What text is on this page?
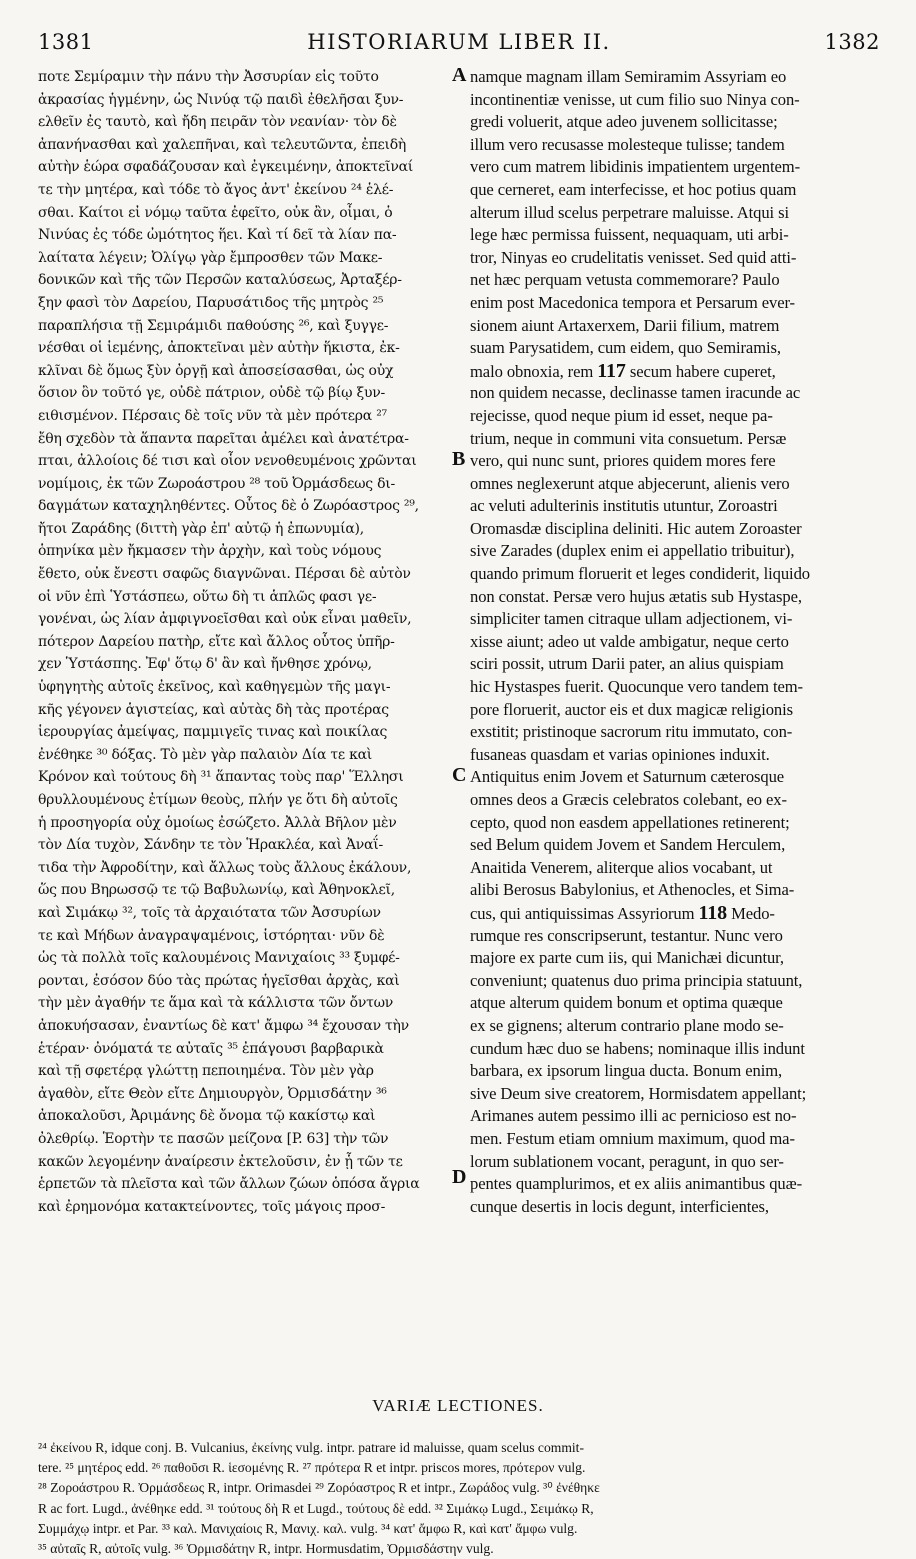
1381	HISTORIARUM LIBER II.	1382
ποτε Σεμίραμιν τὴν πάνυ τὴν Ἀσσυρίαν εἰς τοῦτο
ἀκρασίας ἡγμένην, ὡς Νινύᾳ τῷ παιδὶ ἐθελῆσαι ξυν-
ελθεῖν ἐς ταυτὸ, καὶ ἤδη πειρᾶν τὸν νεανίαν· τὸν δὲ
ἀπανήνασθαι καὶ χαλεπῆναι, καὶ τελευτῶντα, ἐπειδὴ
αὐτὴν ἑώρα σφαδάζουσαν καὶ ἐγκειμένην, ἀποκτεῖναί
τε τὴν μητέρα, καὶ τόδε τὸ ἄγος ἀντ' ἐκείνου ²⁴ ἑλέ-
σθαι. Καίτοι εἰ νόμῳ ταῦτα ἐφεῖτο, οὐκ ἂν, οἶμαι, ὁ
Νινύας ἐς τόδε ὠμότητος ἥει. Καὶ τί δεῖ τὰ λίαν πα-
λαίτατα λέγειν; Ὀλίγῳ γὰρ ἔμπροσθεν τῶν Μακε-
δονικῶν καὶ τῆς τῶν Περσῶν καταλύσεως, Ἀρταξέρ-
ξην φασὶ τὸν Δαρείου, Παρυσάτιδος τῆς μητρὸς ²⁵
παραπλήσια τῇ Σεμιράμιδι παθούσης ²⁶, καὶ ξυγγε-
νέσθαι οἱ ἱεμένης, ἀποκτεῖναι μὲν αὐτὴν ἥκιστα, ἐκ-
κλῖναι δὲ ὅμως ξὺν ὀργῇ καὶ ἀποσείσασθαι, ὡς οὐχ
ὅσιον ὂν τοῦτό γε, οὐδὲ πάτριον, οὐδὲ τῷ βίῳ ξυν-
ειθισμένον. Πέρσαις δὲ τοῖς νῦν τὰ μὲν πρότερα ²⁷
ἔθη σχεδὸν τὰ ἅπαντα παρεῖται ἀμέλει καὶ ἀνατέτρα-
πται, ἀλλοίοις δέ τισι καὶ οἷον νενοθευμένοις χρῶνται
νομίμοις, ἐκ τῶν Ζωροάστρου ²⁸ τοῦ Ὀρμάσδεως δι-
δαγμάτων καταχηληθέντες. Οὗτος δὲ ὁ Ζωρόαστρος ²⁹,
ἤτοι Ζαράδης (διττὴ γὰρ ἐπ' αὐτῷ ἡ ἐπωνυμία),
ὁπηνίκα μὲν ἤκμασεν τὴν ἀρχὴν, καὶ τοὺς νόμους
ἔθετο, οὐκ ἔνεστι σαφῶς διαγνῶναι. Πέρσαι δὲ αὐτὸν
οἱ νῦν ἐπὶ Ὑστάσπεω, οὕτω δὴ τι ἁπλῶς φασι γε-
γονέναι, ὡς λίαν ἀμφιγνοεῖσθαι καὶ οὐκ εἶναι μαθεῖν,
πότερον Δαρείου πατὴρ, εἴτε καὶ ἄλλος οὗτος ὑπῆρ-
χεν Ὑστάσπης. Ἐφ' ὅτῳ δ' ἂν καὶ ἤνθησε χρόνῳ,
ὑφηγητὴς αὐτοῖς ἐκεῖνος, καὶ καθηγεμὼν τῆς μαγι-
κῆς γέγονεν ἁγιστείας, καὶ αὐτὰς δὴ τὰς προτέρας
ἱερουργίας ἀμείψας, παμμιγεῖς τινας καὶ ποικίλας
ἐνέθηκε ³⁰ δόξας. Τὸ μὲν γὰρ παλαιὸν Δία τε καὶ
Κρόνον καὶ τούτους δὴ ³¹ ἅπαντας τοὺς παρ' Ἕλλησι
θρυλλουμένους ἐτίμων θεοὺς, πλήν γε ὅτι δὴ αὐτοῖς
ἡ προσηγορία οὐχ ὁμοίως ἐσώζετο. Ἀλλὰ Βῆλον μὲν
τὸν Δία τυχὸν, Σάνδην τε τὸν Ἡρακλέα, καὶ Ἀναΐ-
τιδα τὴν Ἀφροδίτην, καὶ ἄλλως τοὺς ἄλλους ἐκάλουν,
ὥς που Βηρωσσῷ τε τῷ Βαβυλωνίῳ, καὶ Ἀθηνοκλεῖ,
καὶ Σιμάκῳ ³², τοῖς τὰ ἀρχαιότατα τῶν Ἀσσυρίων
τε καὶ Μήδων ἀναγραψαμένοις, ἱστόρηται· νῦν δὲ
ὡς τὰ πολλὰ τοῖς καλουμένοις Μανιχαίοις ³³ ξυμφέ-
ρονται, ἐσόσον δύο τὰς πρώτας ἡγεῖσθαι ἀρχὰς, καὶ
τὴν μὲν ἀγαθήν τε ἅμα καὶ τὰ κάλλιστα τῶν ὄντων
ἀποκυήσασαν, ἐναντίως δὲ κατ' ἄμφω ³⁴ ἔχουσαν τὴν
ἑτέραν· ὀνόματά τε αὐταῖς ³⁵ ἐπάγουσι βαρβαρικὰ
καὶ τῇ σφετέρᾳ γλώττῃ πεποιημένα. Τὸν μὲν γὰρ
ἀγαθὸν, εἴτε Θεὸν εἴτε Δημιουργὸν, Ὀρμισδάτην ³⁶
ἀποκαλοῦσι, Ἀριμάνης δὲ ὄνομα τῷ κακίστῳ καὶ
ὀλεθρίῳ. Ἑορτὴν τε πασῶν μείζονα [P. 63] τὴν τῶν
κακῶν λεγομένην ἀναίρεσιν ἐκτελοῦσιν, ἐν ᾗ τῶν τε
ἑρπετῶν τὰ πλεῖστα καὶ τῶν ἄλλων ζώων ὁπόσα ἄγρια
καὶ ἐρημονόμα κατακτείνοντες, τοῖς μάγοις προσ-
A
B
C
D
namque magnam illam Semiramim Assyriam eo
incontinentiæ venisse, ut cum filio suo Ninya con-
gredi voluerit, atque adeo juvenem sollicitasse;
illum vero recusasse molesteque tulisse; tandem
vero cum matrem libidinis impatientem urgentem-
que cerneret, eam interfecisse, et hoc potius quam
alterum illud scelus perpetrare maluisse. Atqui si
lege hæc permissa fuissent, nequaquam, uti arbi-
tror, Ninyas eo crudelitatis venisset. Sed quid atti-
net hæc perquam vetusta commemorare? Paulo
enim post Macedonica tempora et Persarum ever-
sionem aiunt Artaxerxem, Darii filium, matrem
suam Parysatidem, cum eidem, quo Semiramis,
malo obnoxia, rem 117 secum habere cuperet,
non quidem necasse, declinasse tamen iracunde ac
rejecisse, quod neque pium id esset, neque pa-
trium, neque in communi vita consuetum. Persæ
vero, qui nunc sunt, priores quidem mores fere
omnes neglexerunt atque abjecerunt, alienis vero
ac veluti adulterinis institutis utuntur, Zoroastri
Oromasdæ disciplina deliniti. Hic autem Zoroaster
sive Zarades (duplex enim ei appellatio tribuitur),
quando primum floruerit et leges condiderit, liquido
non constat. Persæ vero hujus ætatis sub Hystaspe,
simpliciter tamen citraque ullam adjectionem, vi-
xisse aiunt; adeo ut valde ambigatur, neque certo
sciri possit, utrum Darii pater, an alius quispiam
hic Hystaspes fuerit. Quocunque vero tandem tem-
pore floruerit, auctor eis et dux magicæ religionis
exstitit; pristinoque sacrorum ritu immutato, con-
fusaneas quasdam et varias opiniones induxit.
Antiquitus enim Jovem et Saturnum cæterosque
omnes deos a Græcis celebratos colebant, eo ex-
cepto, quod non easdem appellationes retinerent;
sed Belum quidem Jovem et Sandem Herculem,
Anaitida Venerem, aliterque alios vocabant, ut
alibi Berosus Babylonius, et Athenocles, et Sima-
cus, qui antiquissimas Assyriorum 118 Medo-
rumque res conscripserunt, testantur. Nunc vero
majore ex parte cum iis, qui Manichæi dicuntur,
conveniunt; quatenus duo prima principia statuunt,
atque alterum quidem bonum et optima quæque
ex se gignens; alterum contrario plane modo se-
cundum hæc duo se habens; nominaque illis indunt
barbara, ex ipsorum lingua ducta. Bonum enim,
sive Deum sive creatorem, Hormisdatem appellant;
Arimanes autem pessimo illi ac pernicioso est no-
men. Festum etiam omnium maximum, quod ma-
lorum sublationem vocant, peragunt, in quo ser-
pentes quamplurimos, et ex aliis animantibus quæ-
cunque desertis in locis degunt, interficientes,
VARIÆ LECTIONES.
²⁴ ἐκείνου R, idque conj. B. Vulcanius, ἐκείνης vulg. intpr. patrare id maluisse, quam scelus commit-
tere. ²⁵ μητέρος edd. ²⁶ παθοῦσι R. ἱεσομένης R. ²⁷ πρότερα R et intpr. priscos mores, πρότερον vulg.
²⁸ Ζοροάστρου R. Ὀρμάσδεως R, intpr. Orimasdei ²⁹ Ζορόαστρος R et intpr., Ζωράδος vulg. ³⁰ ἐνέθηκε
R ac fort. Lugd., ἀνέθηκε edd. ³¹ τούτους δὴ R et Lugd., τούτους δὲ edd. ³² Σιμάκῳ Lugd., Σειμάκῳ R,
Συμμάχῳ intpr. et Par. ³³ καλ. Μανιχαίοις R, Μανιχ. καλ. vulg. ³⁴ κατ' ἄμφω R, καὶ κατ' ἄμφω vulg.
³⁵ αὐταῖς R, αὐτοῖς vulg. ³⁶ Ὀρμισδάτην R, intpr. Hormusdatim, Ὀρμισδάστην vulg.
